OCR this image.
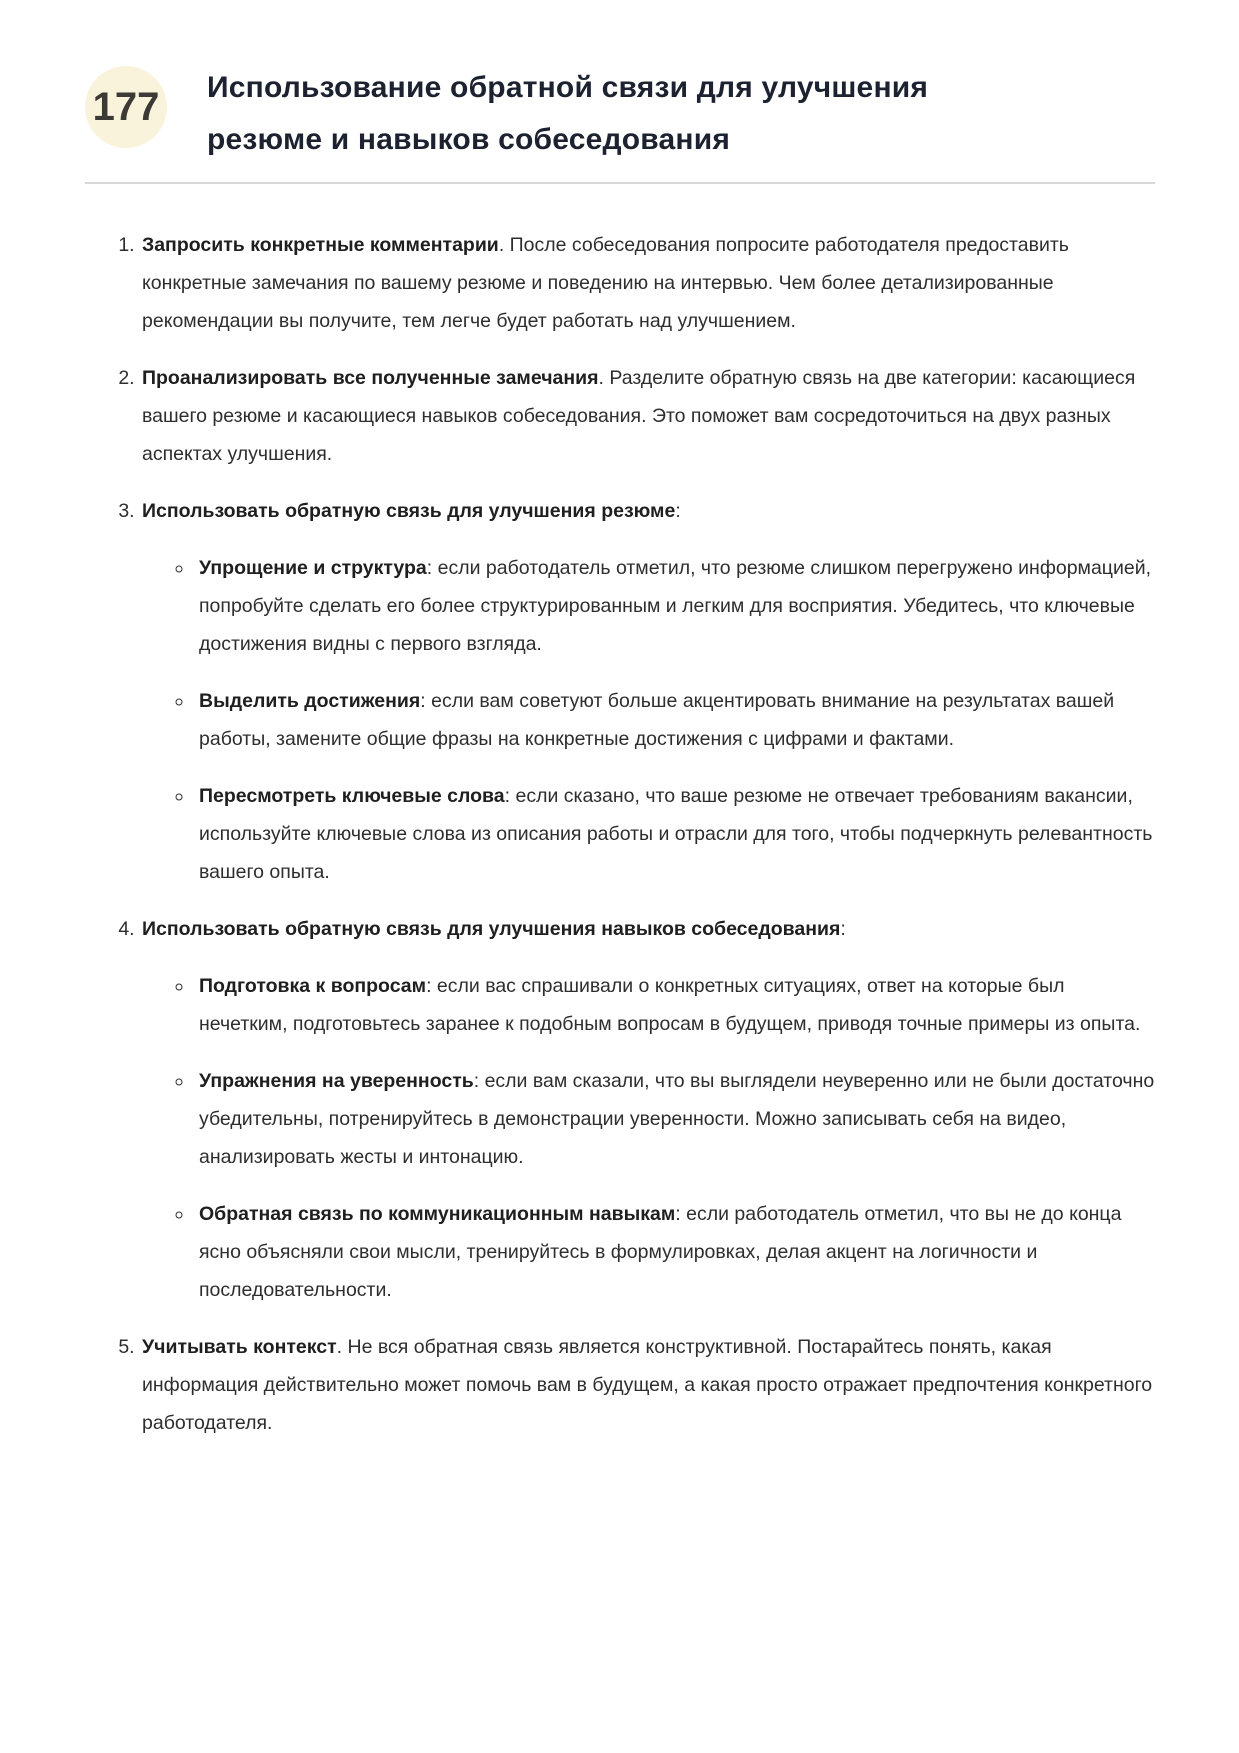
177 Использование обратной связи для улучшения резюме и навыков собеседования
1. Запросить конкретные комментарии. После собеседования попросите работодателя предоставить конкретные замечания по вашему резюме и поведению на интервью. Чем более детализированные рекомендации вы получите, тем легче будет работать над улучшением.
2. Проанализировать все полученные замечания. Разделите обратную связь на две категории: касающиеся вашего резюме и касающиеся навыков собеседования. Это поможет вам сосредоточиться на двух разных аспектах улучшения.
3. Использовать обратную связь для улучшения резюме:
◦ Упрощение и структура: если работодатель отметил, что резюме слишком перегружено информацией, попробуйте сделать его более структурированным и легким для восприятия. Убедитесь, что ключевые достижения видны с первого взгляда.
◦ Выделить достижения: если вам советуют больше акцентировать внимание на результатах вашей работы, замените общие фразы на конкретные достижения с цифрами и фактами.
◦ Пересмотреть ключевые слова: если сказано, что ваше резюме не отвечает требованиям вакансии, используйте ключевые слова из описания работы и отрасли для того, чтобы подчеркнуть релевантность вашего опыта.
4. Использовать обратную связь для улучшения навыков собеседования:
◦ Подготовка к вопросам: если вас спрашивали о конкретных ситуациях, ответ на которые был нечетким, подготовьтесь заранее к подобным вопросам в будущем, приводя точные примеры из опыта.
◦ Упражнения на уверенность: если вам сказали, что вы выглядели неуверенно или не были достаточно убедительны, потренируйтесь в демонстрации уверенности. Можно записывать себя на видео, анализировать жесты и интонацию.
◦ Обратная связь по коммуникационным навыкам: если работодатель отметил, что вы не до конца ясно объясняли свои мысли, тренируйтесь в формулировках, делая акцент на логичности и последовательности.
5. Учитывать контекст. Не вся обратная связь является конструктивной. Постарайтесь понять, какая информация действительно может помочь вам в будущем, а какая просто отражает предпочтения конкретного работодателя.
